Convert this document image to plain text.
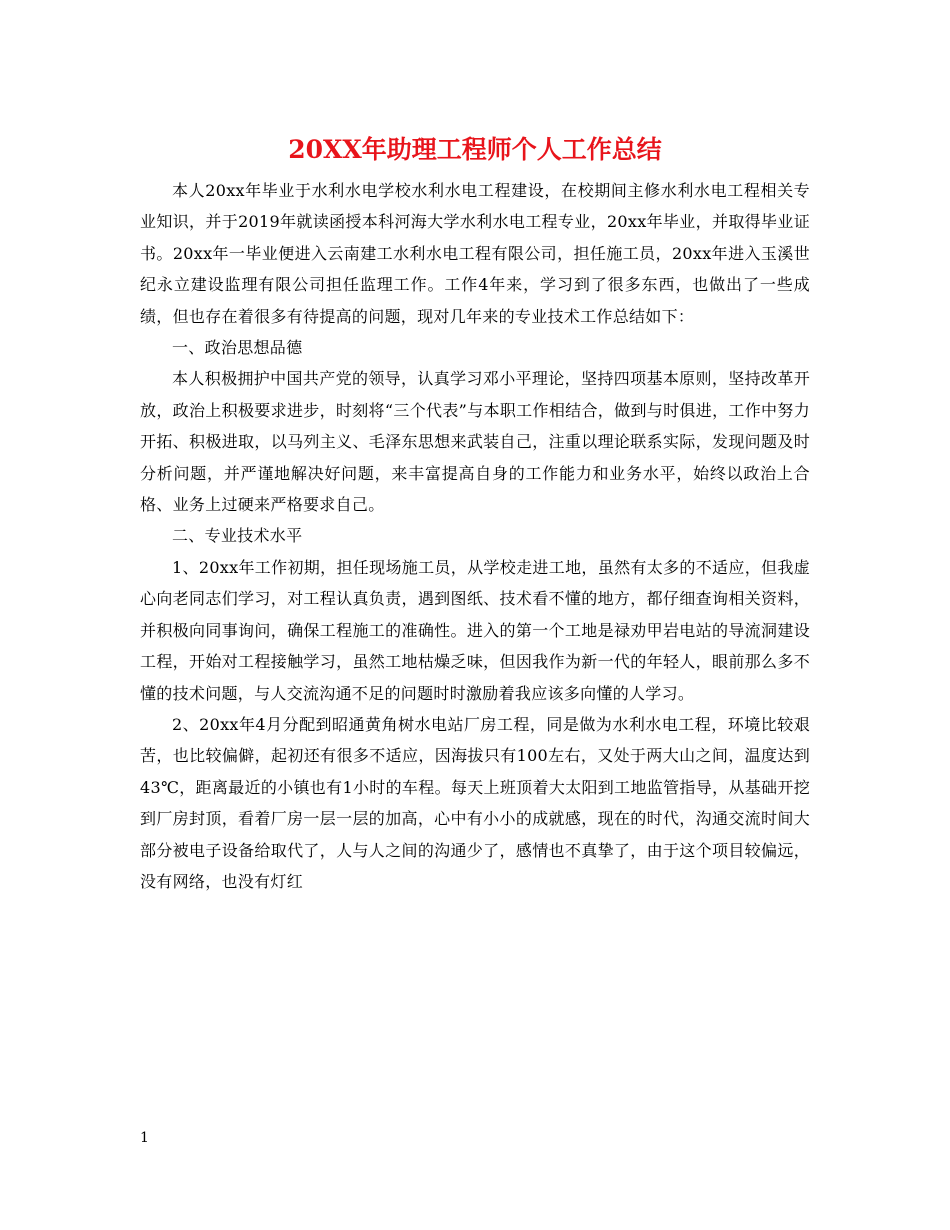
20XX年助理工程师个人工作总结

本人20xx年毕业于水利水电学校水利水电工程建设，在校期间主修水利水电工程相关专业知识，并于2019年就读函授本科河海大学水利水电工程专业，20xx年毕业，并取得毕业证书。20xx年一毕业便进入云南建工水利水电工程有限公司，担任施工员，20xx年进入玉溪世纪永立建设监理有限公司担任监理工作。工作4年来，学习到了很多东西，也做出了一些成绩，但也存在着很多有待提高的问题，现对几年来的专业技术工作总结如下：

一、政治思想品德

本人积极拥护中国共产党的领导，认真学习邓小平理论，坚持四项基本原则，坚持改革开放，政治上积极要求进步，时刻将“三个代表”与本职工作相结合，做到与时俱进，工作中努力开拓、积极进取，以马列主义、毛泽东思想来武装自己，注重以理论联系实际，发现问题及时分析问题，并严谨地解决好问题，来丰富提高自身的工作能力和业务水平，始终以政治上合格、业务上过硬来严格要求自己。

二、专业技术水平

1、20xx年工作初期，担任现场施工员，从学校走进工地，虽然有太多的不适应，但我虚心向老同志们学习，对工程认真负责，遇到图纸、技术看不懂的地方，都仔细查询相关资料，并积极向同事询问，确保工程施工的准确性。进入的第一个工地是禄劝甲岩电站的导流洞建设工程，开始对工程接触学习，虽然工地枯燥乏味，但因我作为新一代的年轻人，眼前那么多不懂的技术问题，与人交流沟通不足的问题时时激励着我应该多向懂的人学习。

2、20xx年4月分配到昭通黄角树水电站厂房工程，同是做为水利水电工程，环境比较艰苦，也比较偏僻，起初还有很多不适应，因海拔只有100左右，又处于两大山之间，温度达到43℃，距离最近的小镇也有1小时的车程。每天上班顶着大太阳到工地监管指导，从基础开挖到厂房封顶，看着厂房一层一层的加高，心中有小小的成就感，现在的时代，沟通交流时间大部分被电子设备给取代了，人与人之间的沟通少了，感情也不真挚了，由于这个项目较偏远，没有网络，也没有灯红

1
